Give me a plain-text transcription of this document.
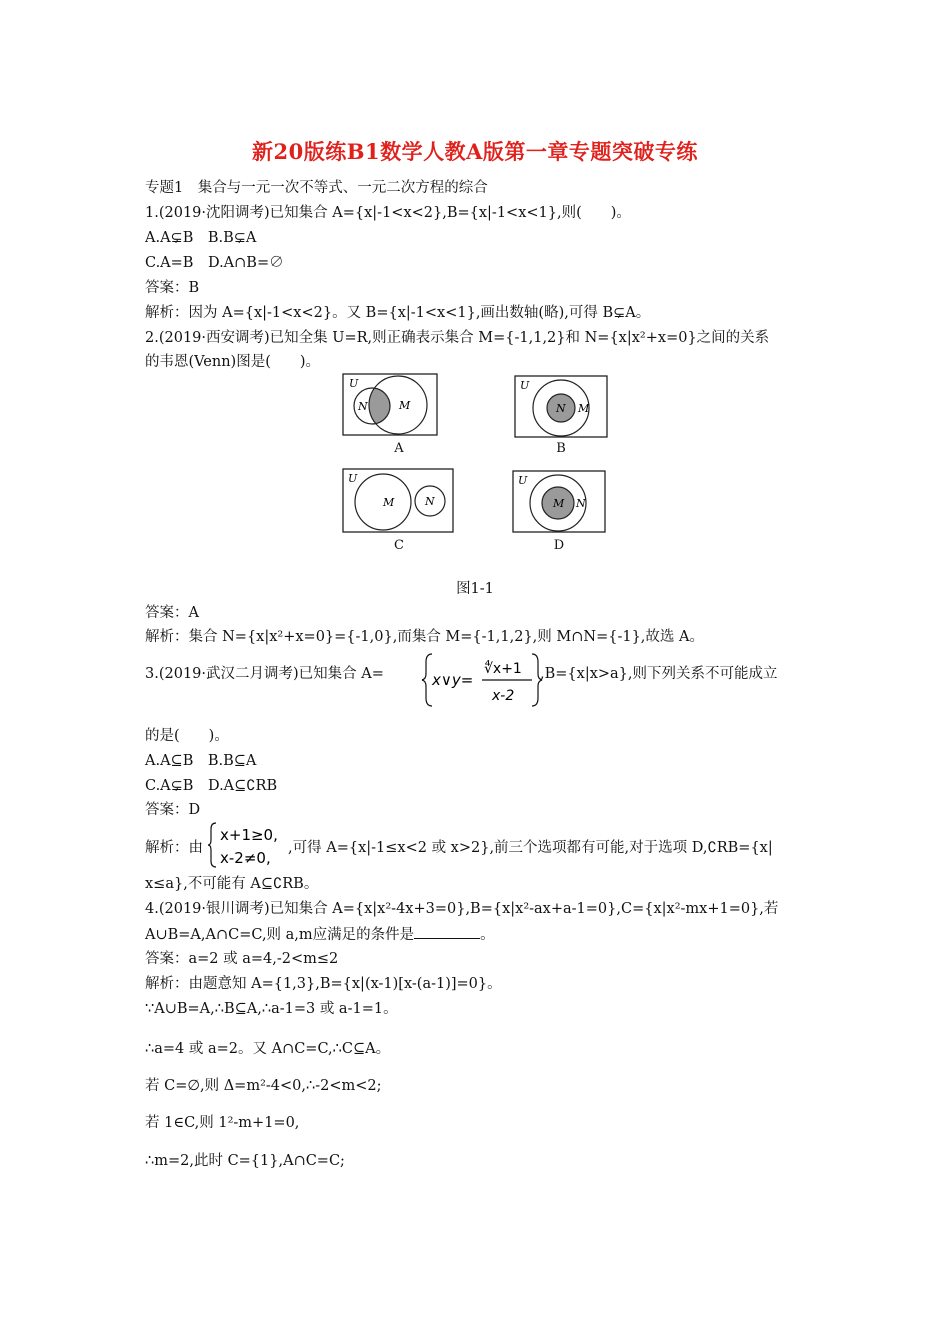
新20版练B1数学人教A版第一章专题突破专练
专题1　集合与一元一次不等式、一元二次方程的综合
1.(2019·沈阳调考)已知集合 A={x|-1<x<2},B={x|-1<x<1},则(　　)。
A.A⊊B　B.B⊊A
C.A=B　D.A∩B=∅
答案：B
解析：因为 A={x|-1<x<2}。又 B={x|-1<x<1},画出数轴(略),可得 B⊊A。
2.(2019·西安调考)已知全集 U=R,则正确表示集合 M={-1,1,2}和 N={x|x²+x=0}之间的关系
的韦恩(Venn)图是(　　)。
U
N	M
A
U
N M
B
U
M	N
C
U
M N
D
图1-1
答案：A
解析：集合 N={x|x²+x=0}={-1,0},而集合 M={-1,1,2},则 M∩N={-1},故选 A。
3.(2019·武汉二月调考)已知集合 A=	x∨y=
∜x+1
x-2
,B={x|x>a},则下列关系不可能成立
的是(　　)。
A.A⊆B　B.B⊆A
C.A⊊B　D.A⊆∁RB
答案：D
解析：由
x+1≥0,
x-2≠0,
,可得 A={x|-1≤x<2 或 x>2},前三个选项都有可能,对于选项 D,∁RB={x|
x≤a},不可能有 A⊆∁RB。
4.(2019·银川调考)已知集合 A={x|x²-4x+3=0},B={x|x²-ax+a-1=0},C={x|x²-mx+1=0},若
A∪B=A,A∩C=C,则 a,m应满足的条件是	。
答案：a=2 或 a=4,-2<m≤2
解析：由题意知 A={1,3},B={x|(x-1)[x-(a-1)]=0}。
∵A∪B=A,∴B⊆A,∴a-1=3 或 a-1=1。
∴a=4 或 a=2。又 A∩C=C,∴C⊆A。
若 C=∅,则 Δ=m²-4<0,∴-2<m<2;
若 1∈C,则 1²-m+1=0,
∴m=2,此时 C={1},A∩C=C;
